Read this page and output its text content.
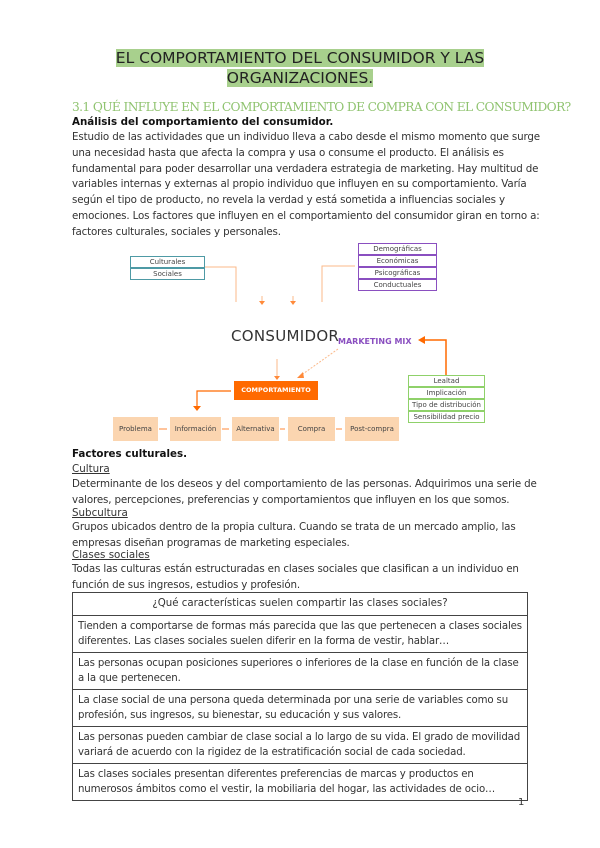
EL COMPORTAMIENTO DEL CONSUMIDOR Y LAS
ORGANIZACIONES.
3.1 QUÉ INFLUYE EN EL COMPORTAMIENTO DE COMPRA CON EL CONSUMIDOR?
Análisis del comportamiento del consumidor.
Estudio de las actividades que un individuo lleva a cabo desde el mismo momento que surge una necesidad hasta que afecta la compra y usa o consume el producto. El análisis es fundamental para poder desarrollar una verdadera estrategia de marketing. Hay multitud de variables internas y externas al propio individuo que influyen en su comportamiento. Varía según el tipo de producto, no revela la verdad y está sometida a influencias sociales y emociones. Los factores que influyen en el comportamiento del consumidor giran en torno a: factores culturales, sociales y personales.
Culturales
Sociales
Demográficas
Económicas
Psicográficas
Conductuales
CONSUMIDOR
MARKETING MIX
Lealtad
Implicación
Tipo de distribución
Sensibilidad precio
COMPORTAMIENTO
Problema	Información	Alternativa	Compra	Post-compra
Factores culturales.
Cultura
Determinante de los deseos y del comportamiento de las personas. Adquirimos una serie de valores, percepciones, preferencias y comportamientos que influyen en los que somos.
Subcultura
Grupos ubicados dentro de la propia cultura. Cuando se trata de un mercado amplio, las empresas diseñan programas de marketing especiales.
Clases sociales
Todas las culturas están estructuradas en clases sociales que clasifican a un individuo en función de sus ingresos, estudios y profesión.
¿Qué características suelen compartir las clases sociales?
Tienden a comportarse de formas más parecida que las que pertenecen a clases sociales diferentes. Las clases sociales suelen diferir en la forma de vestir, hablar…
Las personas ocupan posiciones superiores o inferiores de la clase en función de la clase a la que pertenecen.
La clase social de una persona queda determinada por una serie de variables como su profesión, sus ingresos, su bienestar, su educación y sus valores.
Las personas pueden cambiar de clase social a lo largo de su vida. El grado de movilidad variará de acuerdo con la rigidez de la estratificación social de cada sociedad.
Las clases sociales presentan diferentes preferencias de marcas y productos en numerosos ámbitos como el vestir, la mobiliaria del hogar, las actividades de ocio…
1
